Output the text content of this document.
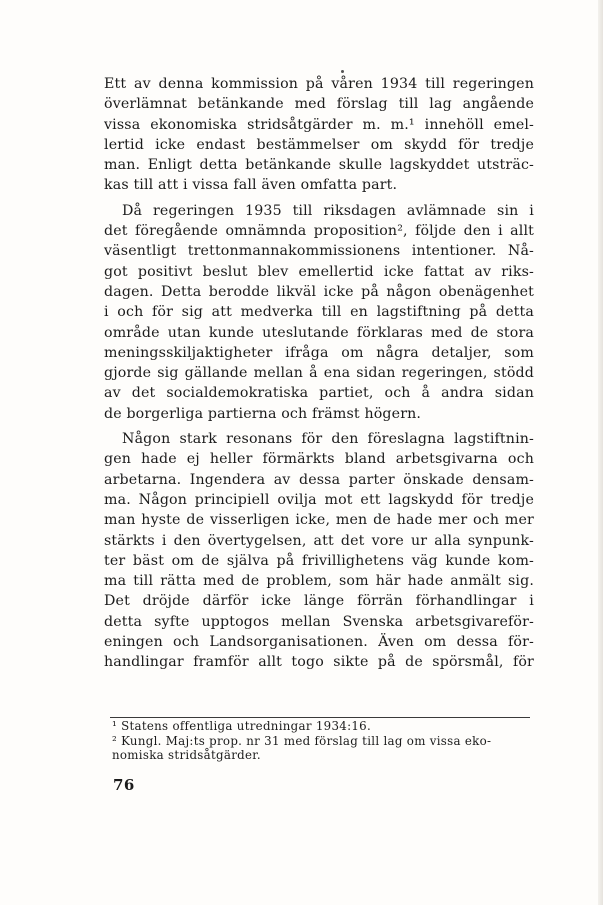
Ett av denna kommission på våren 1934 till regeringen
överlämnat betänkande med förslag till lag angående
vissa ekonomiska stridsåtgärder m. m.¹ innehöll emel-
lertid icke endast bestämmelser om skydd för tredje
man. Enligt detta betänkande skulle lagskyddet utsträc-
kas till att i vissa fall även omfatta part.

Då regeringen 1935 till riksdagen avlämnade sin i
det föregående omnämnda proposition², följde den i allt
väsentligt trettonmannakommissionens intentioner. Nå-
got positivt beslut blev emellertid icke fattat av riks-
dagen. Detta berodde likväl icke på någon obenägenhet
i och för sig att medverka till en lagstiftning på detta
område utan kunde uteslutande förklaras med de stora
meningsskiljaktigheter ifråga om några detaljer, som
gjorde sig gällande mellan å ena sidan regeringen, stödd
av det socialdemokratiska partiet, och å andra sidan
de borgerliga partierna och främst högern.

Någon stark resonans för den föreslagna lagstiftnin-
gen hade ej heller förmärkts bland arbetsgivarna och
arbetarna. Ingendera av dessa parter önskade densam-
ma. Någon principiell ovilja mot ett lagskydd för tredje
man hyste de visserligen icke, men de hade mer och mer
stärkts i den övertygelsen, att det vore ur alla synpunk-
ter bäst om de själva på frivillighetens väg kunde kom-
ma till rätta med de problem, som här hade anmält sig.
Det dröjde därför icke länge förrän förhandlingar i
detta syfte upptogos mellan Svenska arbetsgivareför-
eningen och Landsorganisationen. Även om dessa för-
handlingar framför allt togo sikte på de spörsmål, för

¹ Statens offentliga utredningar 1934:16.

² Kungl. Maj:ts prop. nr 31 med förslag till lag om vissa eko-
nomiska stridsåtgärder.

76
